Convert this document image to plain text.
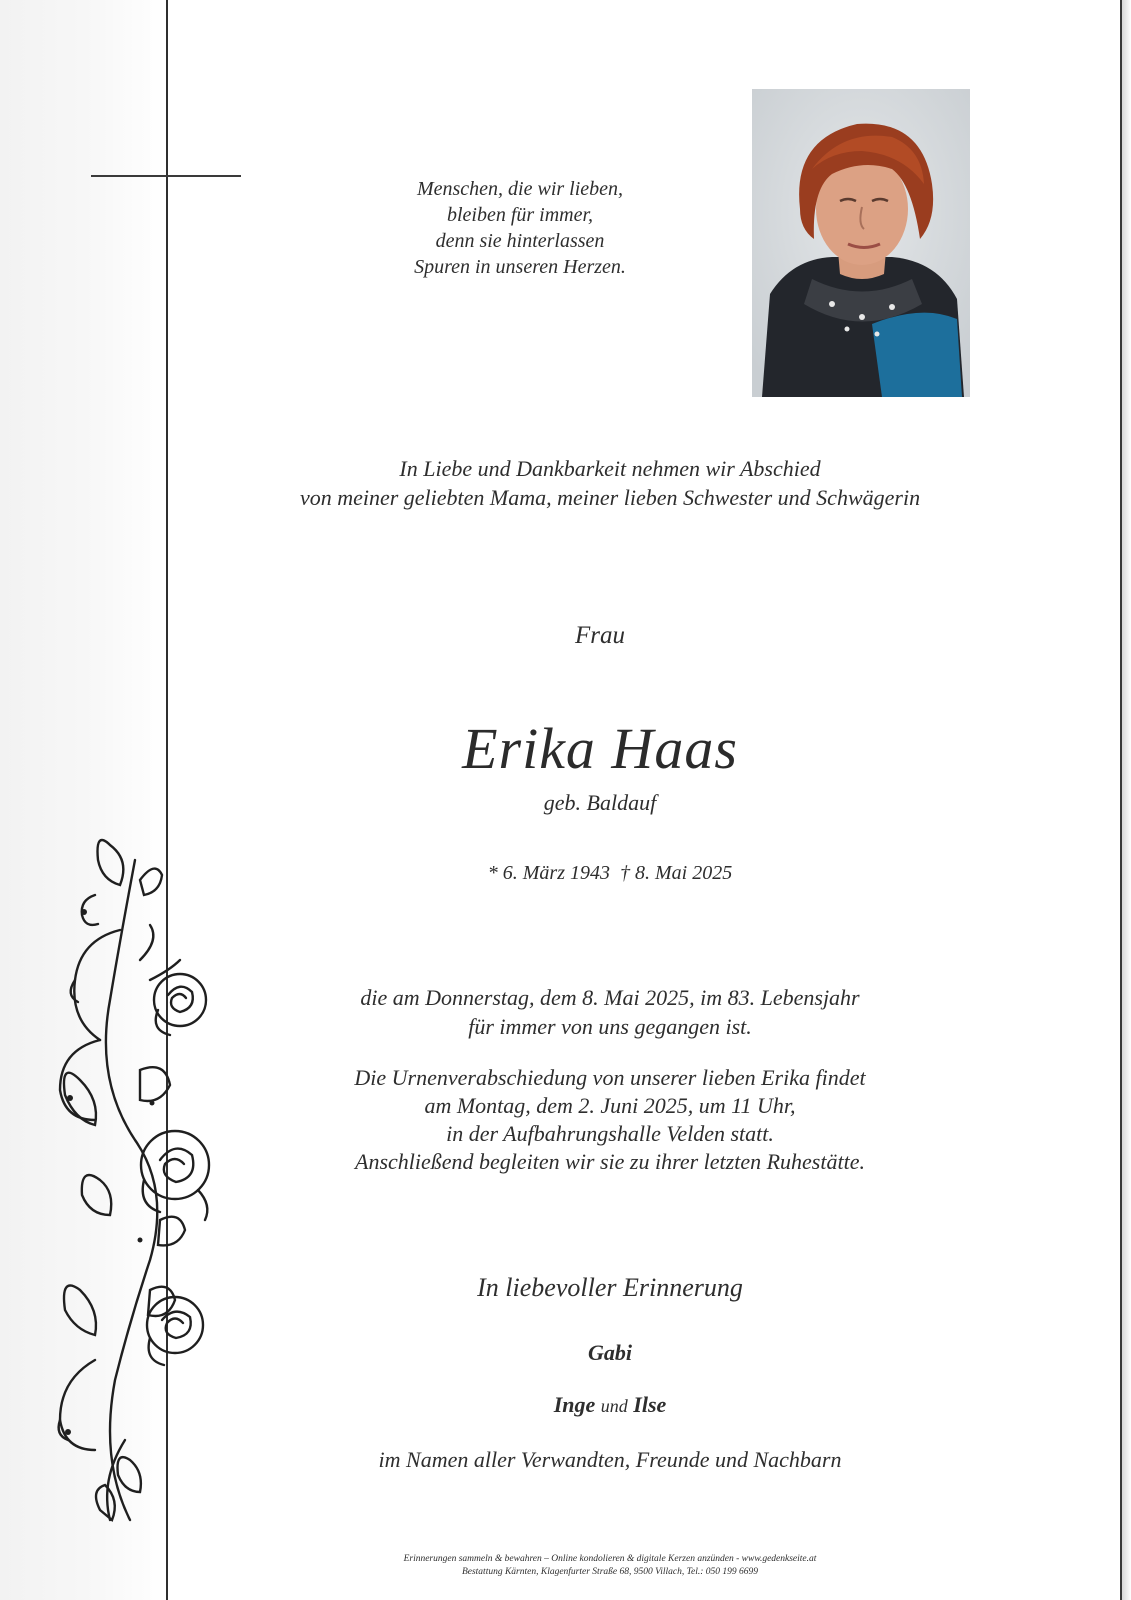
Menschen, die wir lieben,
bleiben für immer,
denn sie hinterlassen
Spuren in unseren Herzen.
In Liebe und Dankbarkeit nehmen wir Abschied
von meiner geliebten Mama, meiner lieben Schwester und Schwägerin
Frau
Erika Haas
geb. Baldauf
* 6. März 1943  † 8. Mai 2025
die am Donnerstag, dem 8. Mai 2025, im 83. Lebensjahr
für immer von uns gegangen ist.
Die Urnenverabschiedung von unserer lieben Erika findet
am Montag, dem 2. Juni 2025, um 11 Uhr,
in der Aufbahrungshalle Velden statt.
Anschließend begleiten wir sie zu ihrer letzten Ruhestätte.
In liebevoller Erinnerung
Gabi
Inge und Ilse
im Namen aller Verwandten, Freunde und Nachbarn
Erinnerungen sammeln & bewahren – Online kondolieren & digitale Kerzen anzünden - www.gedenkseite.at
Bestattung Kärnten, Klagenfurter Straße 68, 9500 Villach, Tel.: 050 199 6699
